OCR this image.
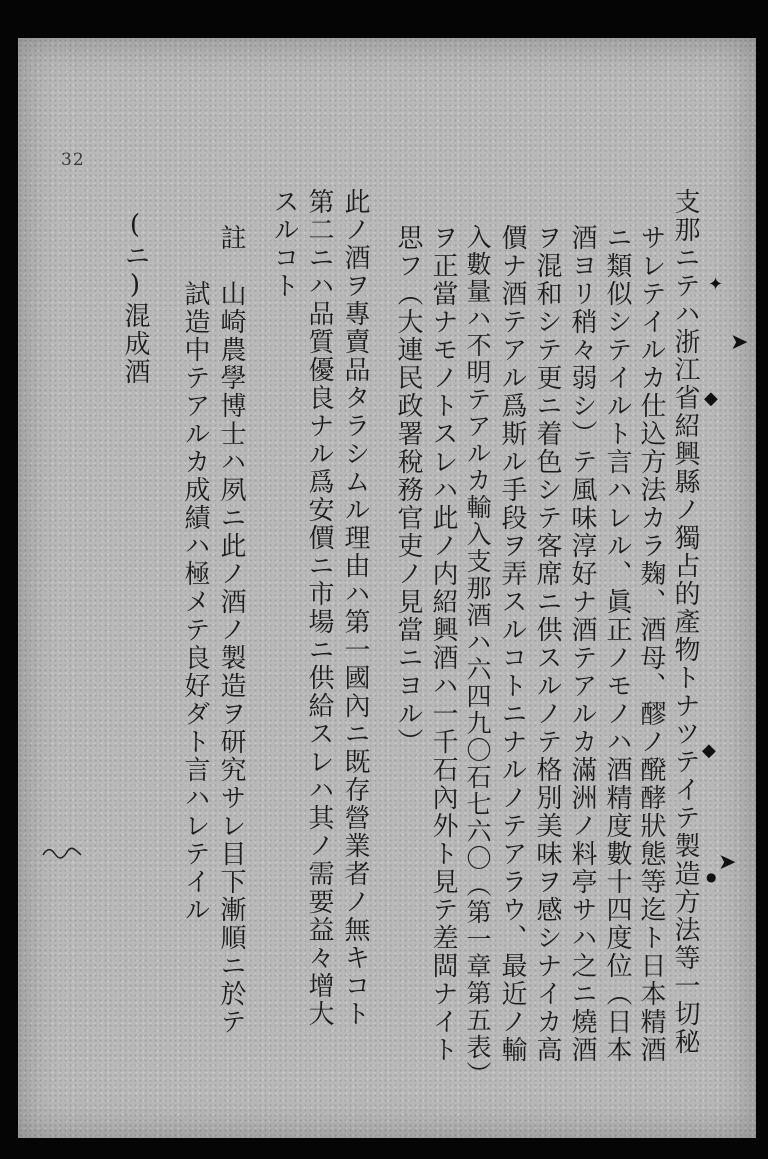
32
支那ニテハ浙江省紹興縣ノ獨占的產物トナツテイテ製造方法等一切秘
サレテイルカ仕込方法カラ麹、酒母、醪ノ醗酵狀態等迄ト日本精酒
ニ類似シテイルト言ハレル、眞正ノモノハ酒精度數十四度位（日本
酒ヨリ稍々弱シ）テ風味淳好ナ酒テアルカ滿洲ノ料亭サハ之ニ燒酒
ヲ混和シテ更ニ着色シテ客席ニ供スルノテ格別美味ヲ感シナイカ高
價ナ酒テアル爲斯ル手段ヲ弄スルコトニナルノテアラウ、最近ノ輸
入數量ハ不明テアルカ輸入支那酒ハ六四九〇石七六〇（第一章第五表）
ヲ正當ナモノトスレハ此ノ内紹興酒ハ一千石內外ト見テ差閊ナイト
思フ（大連民政署稅務官吏ノ見當ニヨル）
此ノ酒ヲ專賣品タラシムル理由ハ第一國內ニ既存營業者ノ無キコト
第二ニハ品質優良ナル爲安價ニ市場ニ供給スレハ其ノ需要益々增大
スルコト
註　山崎農學博士ハ夙ニ此ノ酒ノ製造ヲ研究サレ目下漸順ニ於テ
試造中テアルカ成績ハ極メテ良好ダト言ハレテイル
(ニ)混成酒	✦
➤
◆
◆
➤
●
